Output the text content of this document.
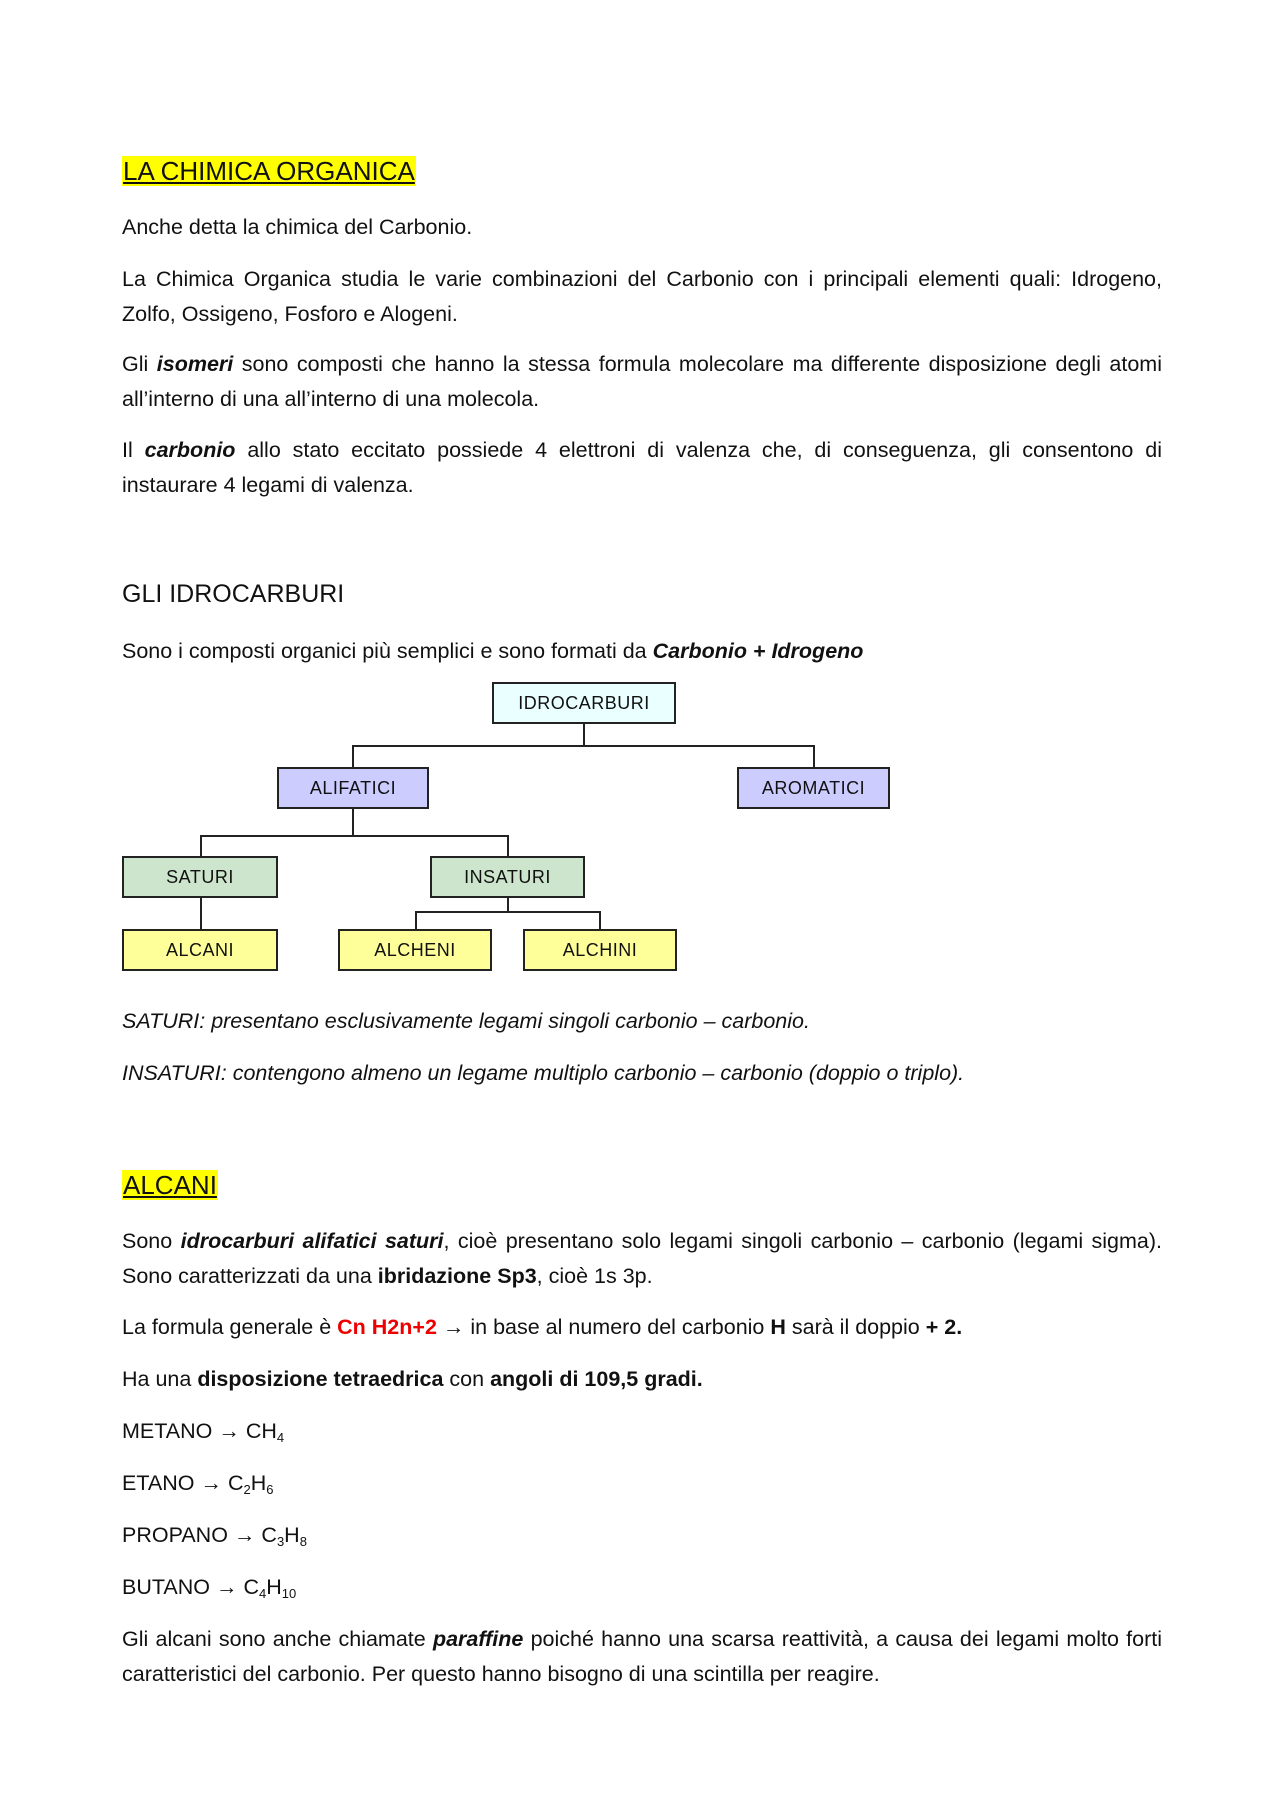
LA CHIMICA ORGANICA
Anche detta la chimica del Carbonio.
La Chimica Organica studia le varie combinazioni del Carbonio con i principali elementi quali: Idrogeno, Zolfo, Ossigeno, Fosforo e Alogeni.
Gli isomeri sono composti che hanno la stessa formula molecolare ma differente disposizione degli atomi all’interno di una all’interno di una molecola.
Il carbonio allo stato eccitato possiede 4 elettroni di valenza che, di conseguenza, gli consentono di instaurare 4 legami di valenza.
GLI IDROCARBURI
Sono i composti organici più semplici e sono formati da Carbonio + Idrogeno
IDROCARBURI
ALIFATICI	AROMATICI
SATURI	INSATURI
ALCANI	ALCHENI	ALCHINI
SATURI: presentano esclusivamente legami singoli carbonio – carbonio.
INSATURI: contengono almeno un legame multiplo carbonio – carbonio (doppio o triplo).
ALCANI
Sono idrocarburi alifatici saturi, cioè presentano solo legami singoli carbonio – carbonio (legami sigma). Sono caratterizzati da una ibridazione Sp3, cioè 1s 3p.
La formula generale è Cn H2n+2 → in base al numero del carbonio H sarà il doppio + 2.
Ha una disposizione tetraedrica con angoli di 109,5 gradi.
METANO → $CH_4$
ETANO → $C_2H_6$
PROPANO → $C_3H_8$
BUTANO → $C_4H_{10}$
Gli alcani sono anche chiamate paraffine poiché hanno una scarsa reattività, a causa dei legami molto forti caratteristici del carbonio. Per questo hanno bisogno di una scintilla per reagire.
